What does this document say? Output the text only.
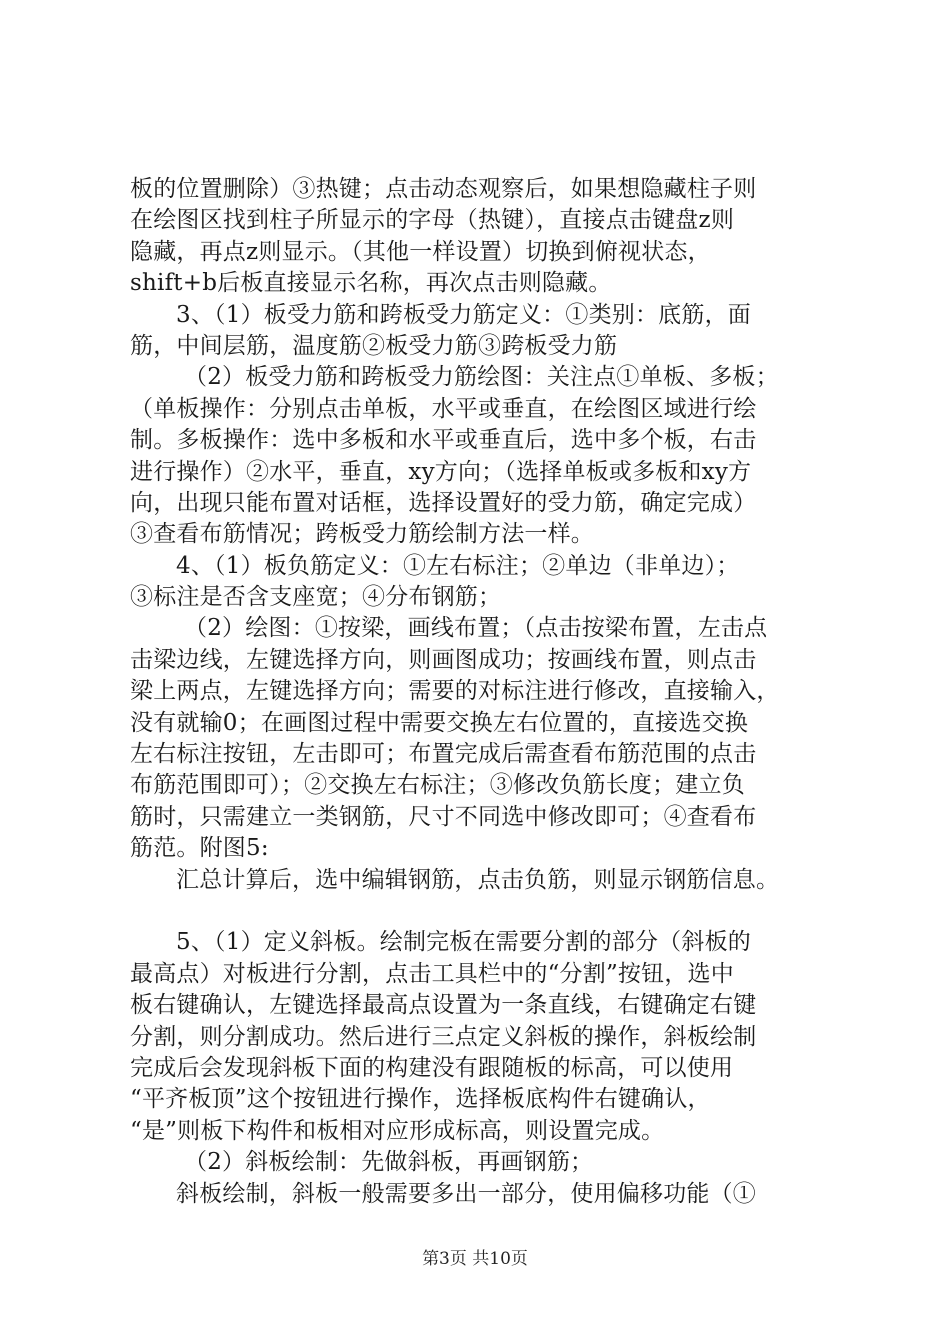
板的位置删除）③热键；点击动态观察后，如果想隐藏柱子则
在绘图区找到柱子所显示的字母（热键），直接点击键盘z则
隐藏，再点z则显示。（其他一样设置）切换到俯视状态，
shift+b后板直接显示名称，再次点击则隐藏。
3、（1）板受力筋和跨板受力筋定义：①类别：底筋，面
筋，中间层筋，温度筋②板受力筋③跨板受力筋
（2）板受力筋和跨板受力筋绘图：关注点①单板、多板；
（单板操作：分别点击单板，水平或垂直，在绘图区域进行绘
制。多板操作：选中多板和水平或垂直后，选中多个板，右击
进行操作）②水平，垂直，xy方向；（选择单板或多板和xy方
向，出现只能布置对话框，选择设置好的受力筋，确定完成）
③查看布筋情况；跨板受力筋绘制方法一样。
4、（1）板负筋定义：①左右标注；②单边（非单边）；
③标注是否含支座宽；④分布钢筋；
（2）绘图：①按梁，画线布置；（点击按梁布置，左击点
击梁边线，左键选择方向，则画图成功；按画线布置，则点击
梁上两点，左键选择方向；需要的对标注进行修改，直接输入，
没有就输0；在画图过程中需要交换左右位置的，直接选交换
左右标注按钮，左击即可；布置完成后需查看布筋范围的点击
布筋范围即可）；②交换左右标注；③修改负筋长度；建立负
筋时，只需建立一类钢筋，尺寸不同选中修改即可；④查看布
筋范。附图5:
汇总计算后，选中编辑钢筋，点击负筋，则显示钢筋信息。
5、（1）定义斜板。绘制完板在需要分割的部分（斜板的
最高点）对板进行分割，点击工具栏中的“分割”按钮，选中
板右键确认，左键选择最高点设置为一条直线，右键确定右键
分割，则分割成功。然后进行三点定义斜板的操作，斜板绘制
完成后会发现斜板下面的构建没有跟随板的标高，可以使用
“平齐板顶”这个按钮进行操作，选择板底构件右键确认，
“是”则板下构件和板相对应形成标高，则设置完成。
（2）斜板绘制：先做斜板，再画钢筋；
斜板绘制，斜板一般需要多出一部分，使用偏移功能（①
第3页 共10页
